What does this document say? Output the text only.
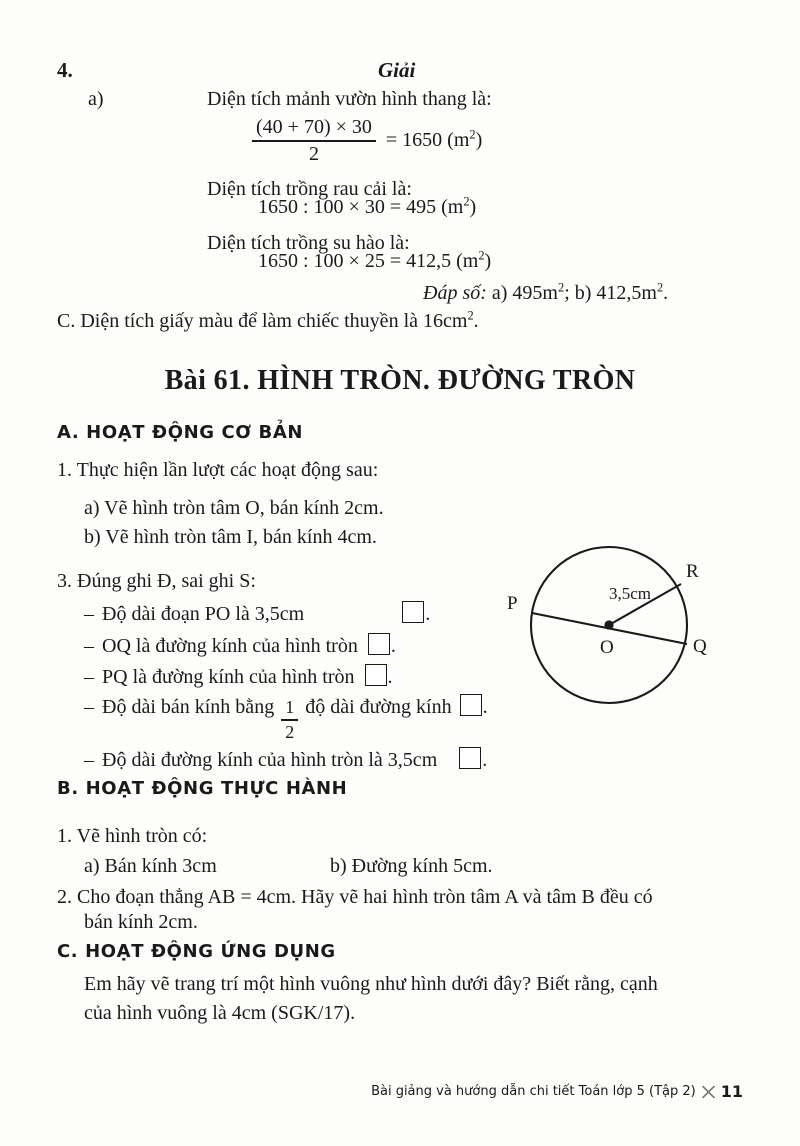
4.	Giải
a)	Diện tích mảnh vườn hình thang là:
$\frac{(40 + 70) \times 30}{2} = 1650$ $(m^2)$
Diện tích trồng rau cải là:
1650 : 100 × 30 = 495 $(m^2)$
Diện tích trồng su hào là:
1650 : 100 × 25 = 412,5 $(m^2)$
Đáp số: a) $495m^2$; b) $412,5m^2$.
C. Diện tích giấy màu để làm chiếc thuyền là $16cm^2$.
Bài 61. HÌNH TRÒN. ĐƯỜNG TRÒN
A. HOẠT ĐỘNG CƠ BẢN
1. Thực hiện lần lượt các hoạt động sau:
a) Vẽ hình tròn tâm O, bán kính 2cm.
b) Vẽ hình tròn tâm I, bán kính 4cm.
3. Đúng ghi Đ, sai ghi S:
– Độ dài đoạn PO là 3,5cm	.
– OQ là đường kính của hình tròn .
– PQ là đường kính của hình tròn .
– Độ dài bán kính bằng $\frac{1}{2}$ độ dài đường kính .
– Độ dài đường kính của hình tròn là 3,5cm .
P
Q
R
O
3,5cm
B. HOẠT ĐỘNG THỰC HÀNH
1. Vẽ hình tròn có:
a) Bán kính 3cm	b) Đường kính 5cm.
2. Cho đoạn thẳng AB = 4cm. Hãy vẽ hai hình tròn tâm A và tâm B đều có
bán kính 2cm.
C. HOẠT ĐỘNG ỨNG DỤNG
Em hãy vẽ trang trí một hình vuông như hình dưới đây? Biết rằng, cạnh
của hình vuông là 4cm (SGK/17).
Bài giảng và hướng dẫn chi tiết Toán lớp 5 (Tập 2) 11
